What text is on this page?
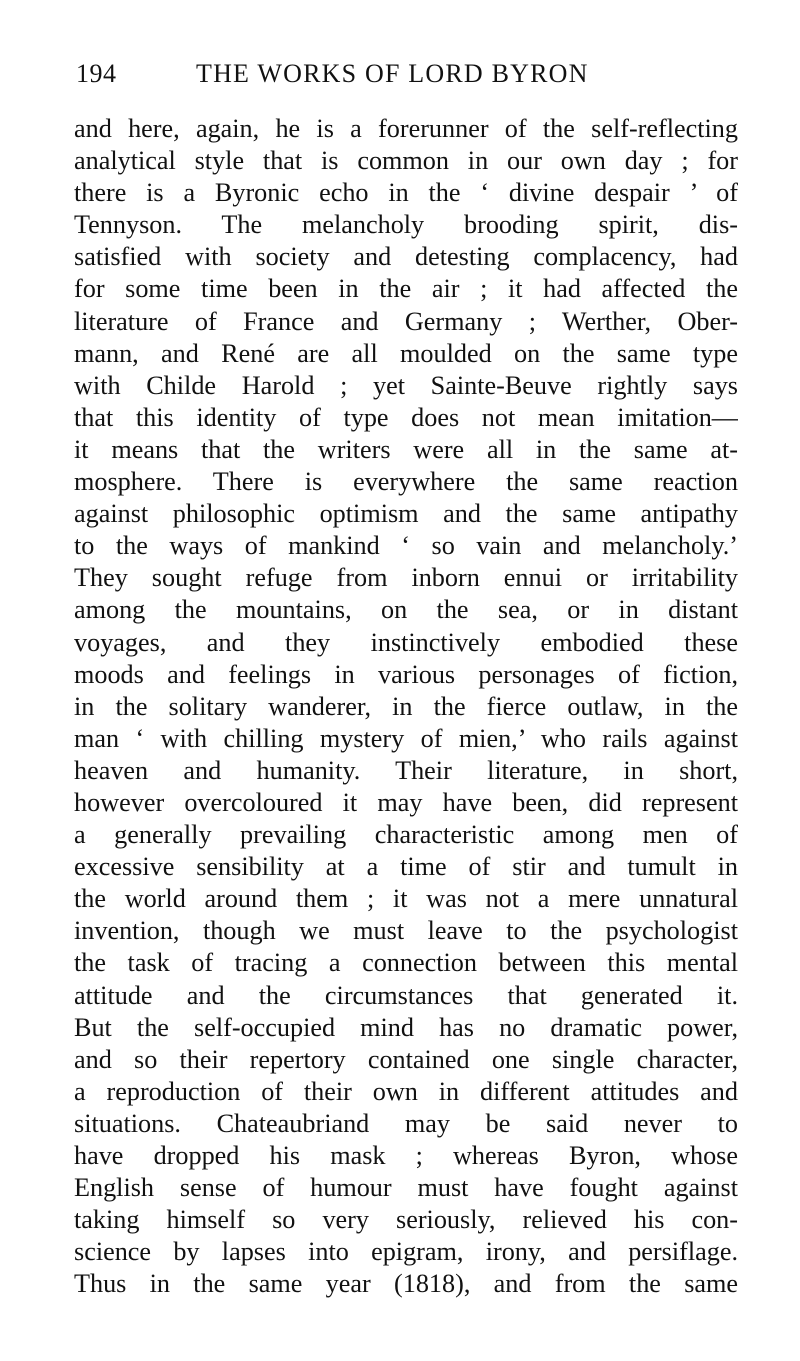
194	THE WORKS OF LORD BYRON
and here, again, he is a forerunner of the self-reflecting
analytical style that is common in our own day ; for
there is a Byronic echo in the ‘ divine despair ’ of
Tennyson. The melancholy brooding spirit, dis-
satisfied with society and detesting complacency, had
for some time been in the air ; it had affected the
literature of France and Germany ; Werther, Ober-
mann, and René are all moulded on the same type
with Childe Harold ; yet Sainte-Beuve rightly says
that this identity of type does not mean imitation—
it means that the writers were all in the same at-
mosphere. There is everywhere the same reaction
against philosophic optimism and the same antipathy
to the ways of mankind ‘ so vain and melancholy.’
They sought refuge from inborn ennui or irritability
among the mountains, on the sea, or in distant
voyages, and they instinctively embodied these
moods and feelings in various personages of fiction,
in the solitary wanderer, in the fierce outlaw, in the
man ‘ with chilling mystery of mien,’ who rails against
heaven and humanity. Their literature, in short,
however overcoloured it may have been, did represent
a generally prevailing characteristic among men of
excessive sensibility at a time of stir and tumult in
the world around them ; it was not a mere unnatural
invention, though we must leave to the psychologist
the task of tracing a connection between this mental
attitude and the circumstances that generated it.
But the self-occupied mind has no dramatic power,
and so their repertory contained one single character,
a reproduction of their own in different attitudes and
situations. Chateaubriand may be said never to
have dropped his mask ; whereas Byron, whose
English sense of humour must have fought against
taking himself so very seriously, relieved his con-
science by lapses into epigram, irony, and persiflage.
Thus in the same year (1818), and from the same
